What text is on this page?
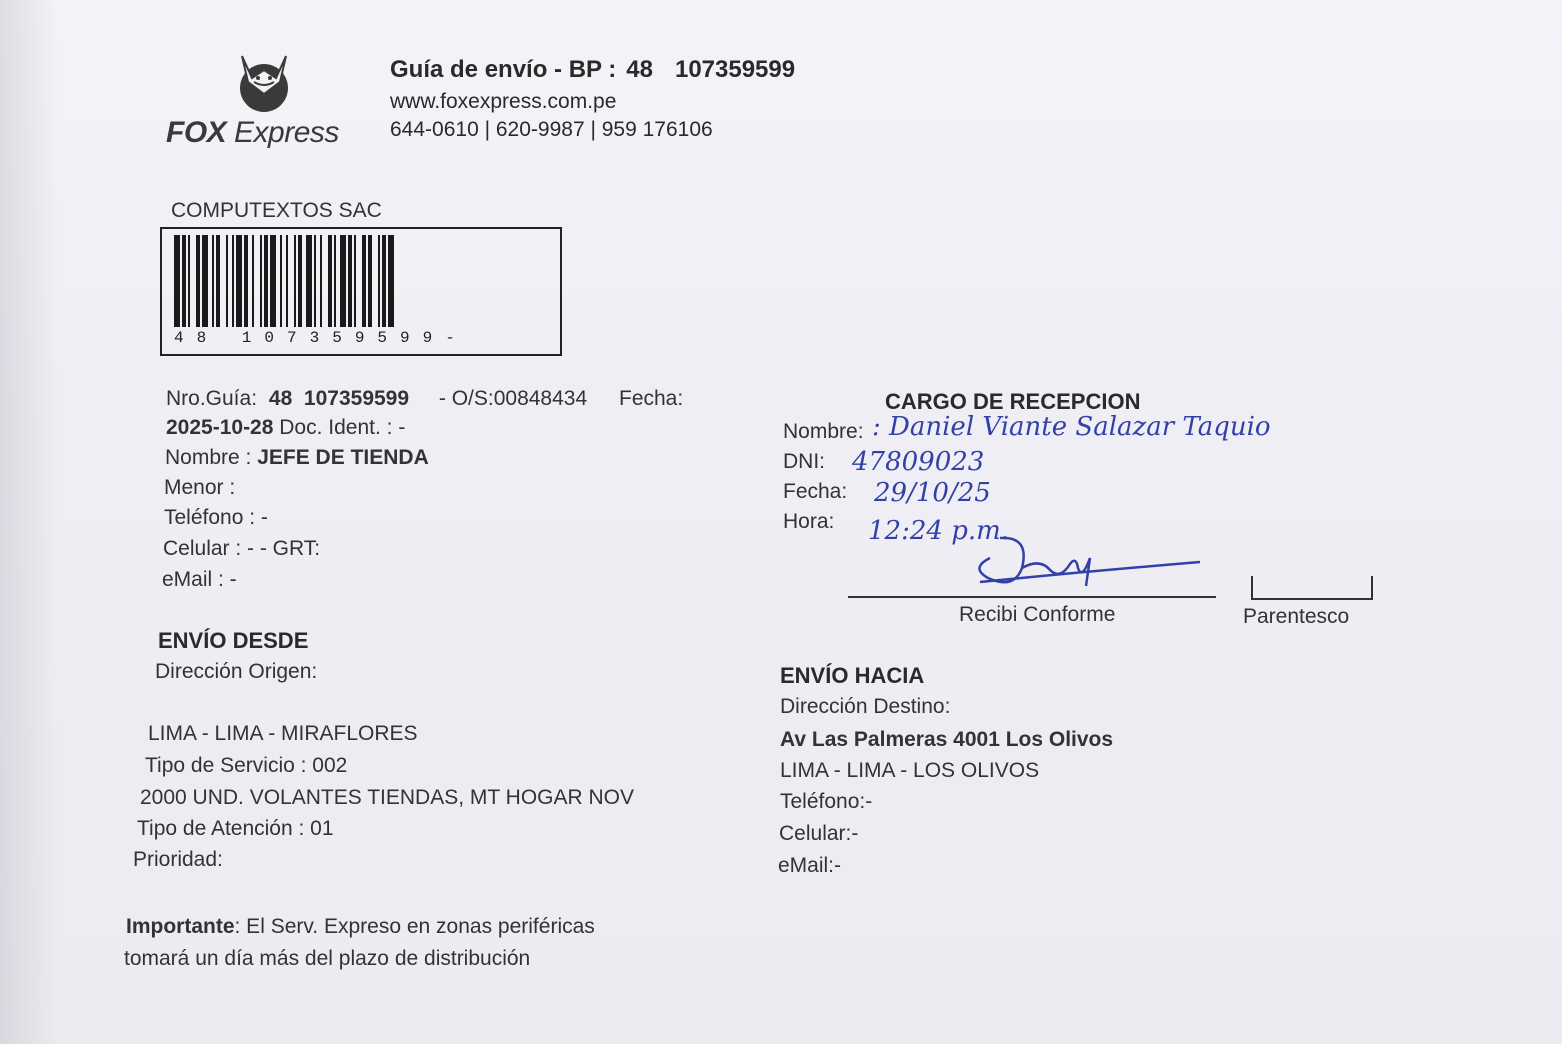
FOX Express
Guía de envío - BP : 48 107359599
www.foxexpress.com.pe
644-0610 | 620-9987 | 959 176106
COMPUTEXTOS SAC
48 107359599-
Nro.Guía: 48  107359599 - O/S:00848434 Fecha:
2025-10-28 Doc. Ident. : -
Nombre : JEFE DE TIENDA
Menor :
Teléfono : -
Celular : - - GRT:
eMail : -
ENVÍO DESDE
Dirección Origen:
LIMA - LIMA - MIRAFLORES
Tipo de Servicio : 002
2000 UND. VOLANTES TIENDAS, MT HOGAR NOV
Tipo de Atención : 01
Prioridad:
CARGO DE RECEPCION
Nombre: : Daniel Viante Salazar Taquio
DNI: 47809023
Fecha: 29/10/25
Hora: 12:24 p.m.
Recibi Conforme	Parentesco
ENVÍO HACIA
Dirección Destino:
Av Las Palmeras 4001 Los Olivos
LIMA - LIMA - LOS OLIVOS
Teléfono:-
Celular:-
eMail:-
Importante: El Serv. Expreso en zonas periféricas
tomará un día más del plazo de distribución
